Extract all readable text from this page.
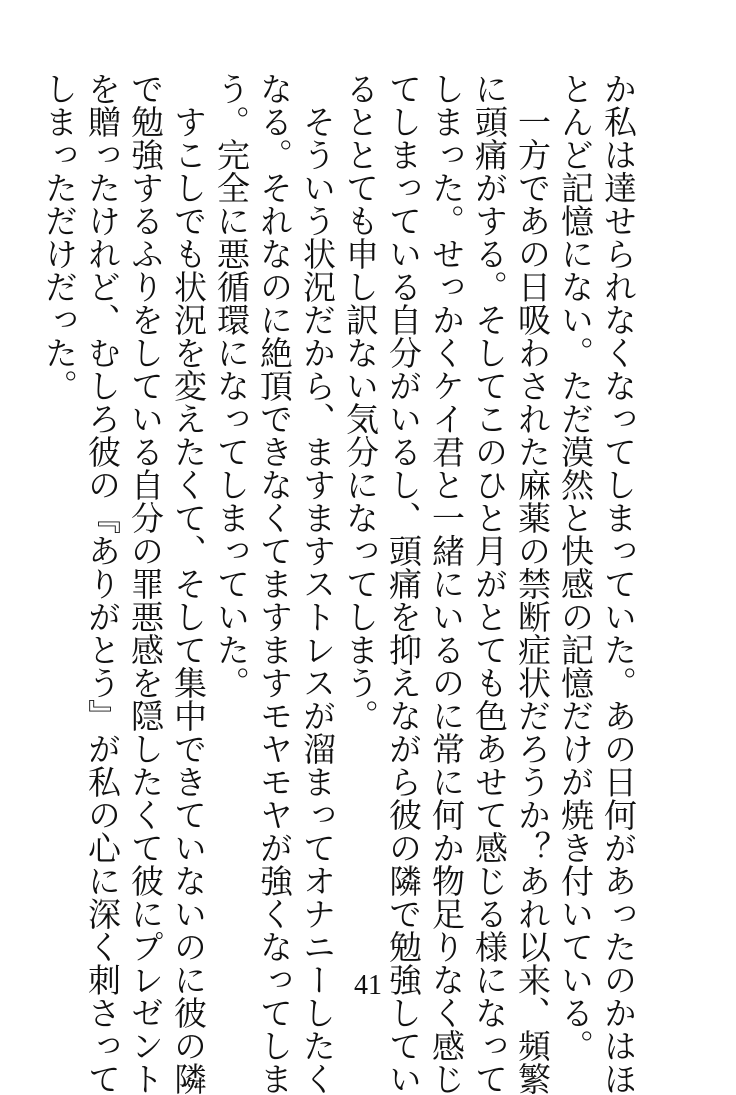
か私は達せられなくなってしまっていた。あの日何があったのかはほ
とんど記憶にない。ただ漠然と快感の記憶だけが焼き付いている。
　一方であの日吸わされた麻薬の禁断症状だろうか？あれ以来、頻繁
に頭痛がする。そしてこのひと月がとても色あせて感じる様になって
しまった。せっかくケイ君と一緒にいるのに常に何か物足りなく感じ
てしまっている自分がいるし、頭痛を抑えながら彼の隣で勉強してい
るととても申し訳ない気分になってしまう。
　そういう状況だから、ますますストレスが溜まってオナニーしたく
なる。それなのに絶頂できなくてますますモヤモヤが強くなってしま
う。完全に悪循環になってしまっていた。
　すこしでも状況を変えたくて、そして集中できていないのに彼の隣
で勉強するふりをしている自分の罪悪感を隠したくて彼にプレゼント
を贈ったけれど、むしろ彼の『ありがとう』が私の心に深く刺さって
しまっただけだった。
41
